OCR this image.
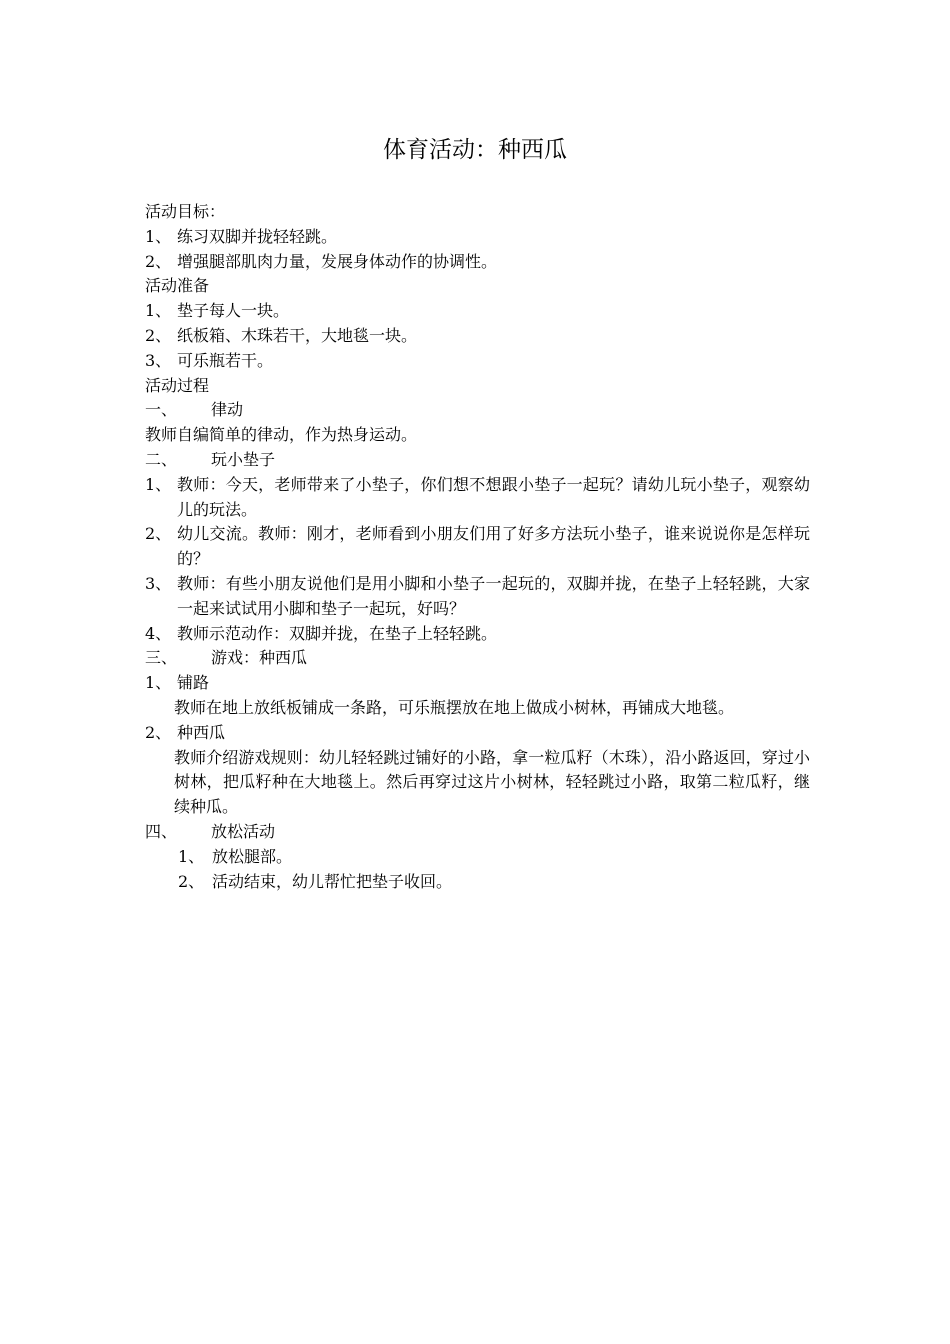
体育活动：种西瓜
活动目标：
1、 练习双脚并拢轻轻跳。
2、 增强腿部肌肉力量，发展身体动作的协调性。
活动准备
1、 垫子每人一块。
2、 纸板箱、木珠若干，大地毯一块。
3、 可乐瓶若干。
活动过程
一、 律动
教师自编简单的律动，作为热身运动。
二、 玩小垫子
1、 教师：今天，老师带来了小垫子，你们想不想跟小垫子一起玩？请幼儿玩小垫子，观察幼儿的玩法。
2、 幼儿交流。教师：刚才，老师看到小朋友们用了好多方法玩小垫子，谁来说说你是怎样玩的？
3、 教师：有些小朋友说他们是用小脚和小垫子一起玩的，双脚并拢，在垫子上轻轻跳，大家一起来试试用小脚和垫子一起玩，好吗？
4、 教师示范动作：双脚并拢，在垫子上轻轻跳。
三、 游戏：种西瓜
1、 铺路
教师在地上放纸板铺成一条路，可乐瓶摆放在地上做成小树林，再铺成大地毯。
2、 种西瓜
教师介绍游戏规则：幼儿轻轻跳过铺好的小路，拿一粒瓜籽（木珠），沿小路返回，穿过小树林，把瓜籽种在大地毯上。然后再穿过这片小树林，轻轻跳过小路，取第二粒瓜籽，继续种瓜。
四、 放松活动
1、 放松腿部。
2、 活动结束，幼儿帮忙把垫子收回。
